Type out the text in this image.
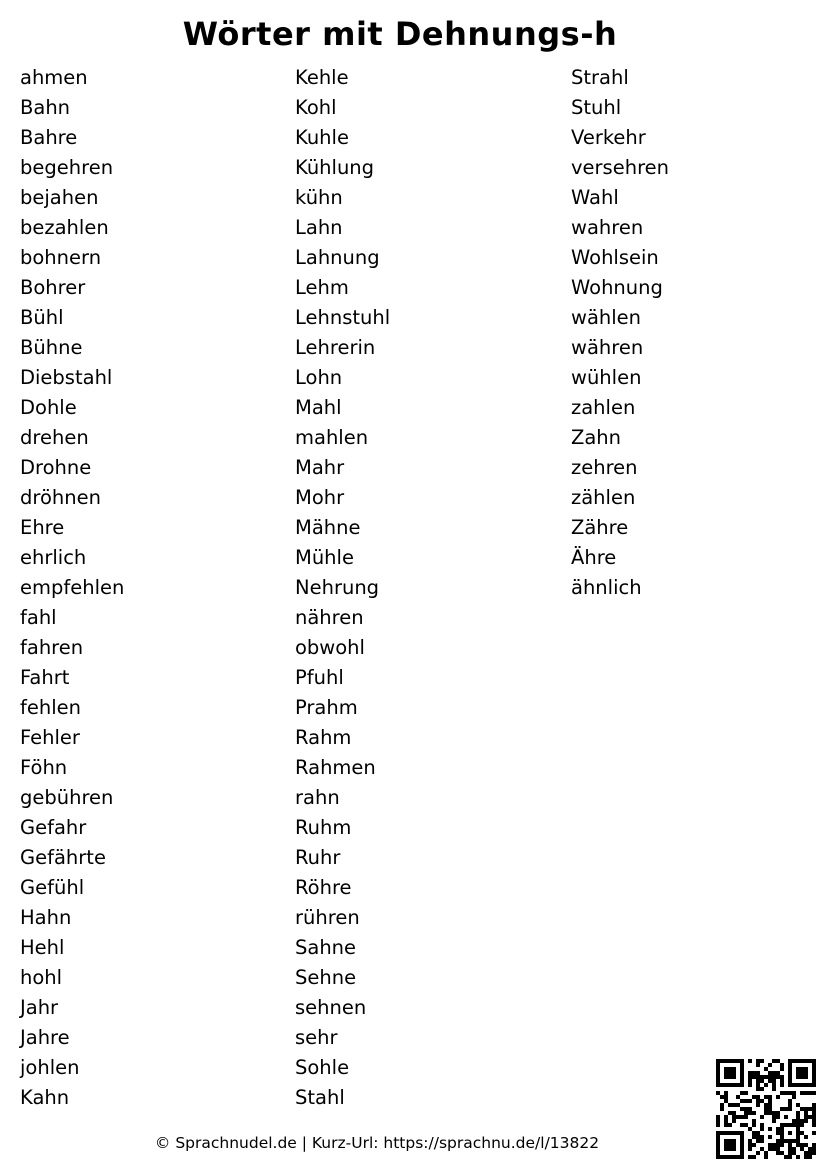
Wörter mit Dehnungs-h
ahmen
Bahn
Bahre
begehren
bejahen
bezahlen
bohnern
Bohrer
Bühl
Bühne
Diebstahl
Dohle
drehen
Drohne
dröhnen
Ehre
ehrlich
empfehlen
fahl
fahren
Fahrt
fehlen
Fehler
Föhn
gebühren
Gefahr
Gefährte
Gefühl
Hahn
Hehl
hohl
Jahr
Jahre
johlen
Kahn
Kehle
Kohl
Kuhle
Kühlung
kühn
Lahn
Lahnung
Lehm
Lehnstuhl
Lehrerin
Lohn
Mahl
mahlen
Mahr
Mohr
Mähne
Mühle
Nehrung
nähren
obwohl
Pfuhl
Prahm
Rahm
Rahmen
rahn
Ruhm
Ruhr
Röhre
rühren
Sahne
Sehne
sehnen
sehr
Sohle
Stahl
Strahl
Stuhl
Verkehr
versehren
Wahl
wahren
Wohlsein
Wohnung
wählen
währen
wühlen
zahlen
Zahn
zehren
zählen
Zähre
Ähre
ähnlich
© Sprachnudel.de | Kurz-Url: https://sprachnu.de/l/13822
